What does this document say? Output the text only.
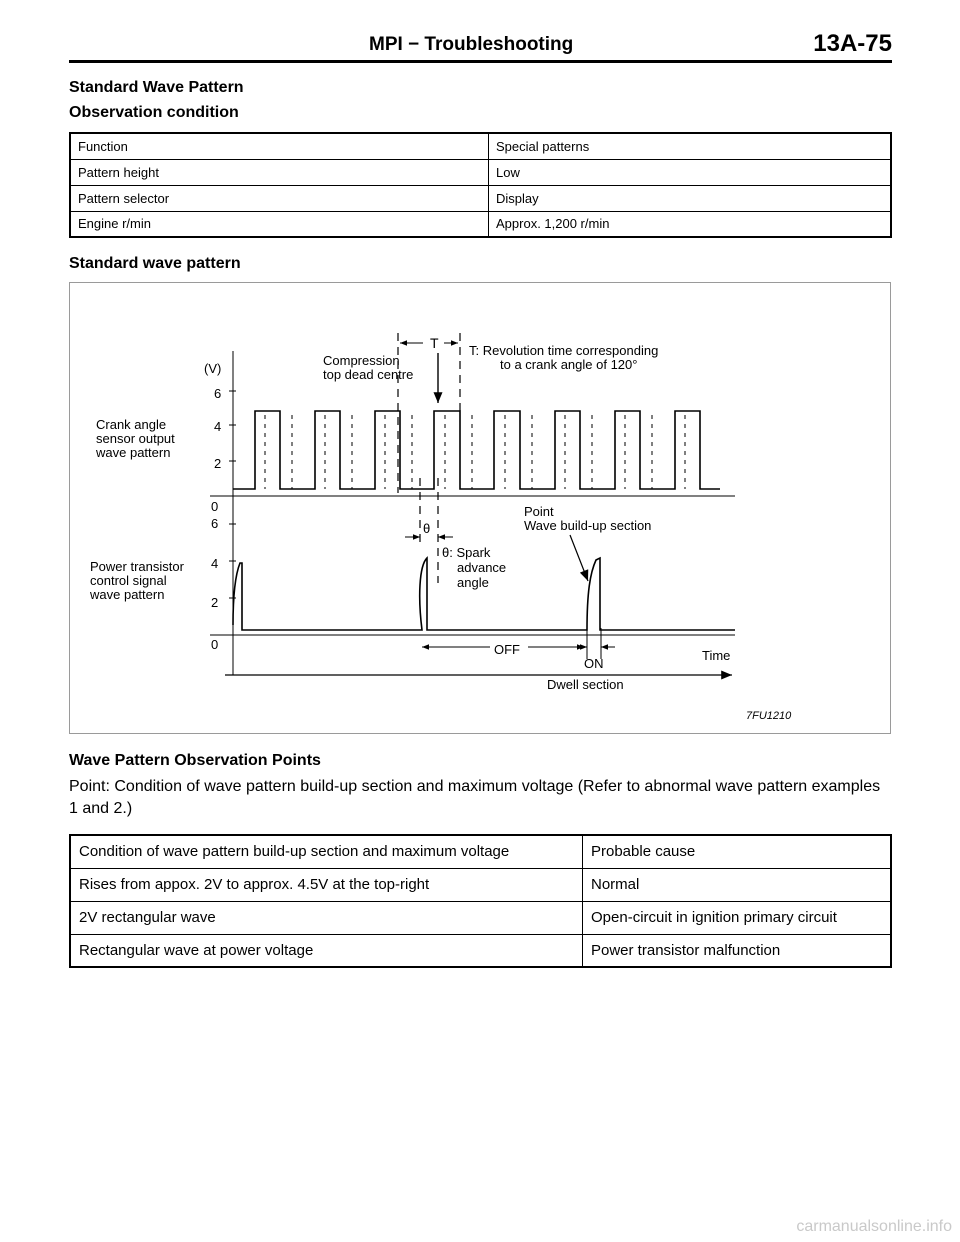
MPI − Troubleshooting	13A-75
Standard Wave Pattern
Observation condition
Function	Special patterns
Pattern height	Low
Pattern selector	Display
Engine r/min	Approx. 1,200 r/min
Standard wave pattern
T
θ
(V)
6
4
2
0
6
4
2
0
Crank angle sensor output wave pattern
Power transistor control signal wave pattern
Compression top dead centre
T: Revolution time corresponding to a crank angle of 120°
θ: Spark advance angle
Point Wave build-up section
OFF
ON
Time
Dwell section
7FU1210
Wave Pattern Observation Points
Point: Condition of wave pattern build-up section and maximum voltage (Refer to abnormal wave pattern examples 1 and 2.)
Condition of wave pattern build-up section and maximum voltage	Probable cause
Rises from appox. 2V to approx. 4.5V at the top-right	Normal
2V rectangular wave	Open-circuit in ignition primary circuit
Rectangular wave at power voltage	Power transistor malfunction
carmanualsonline.info
